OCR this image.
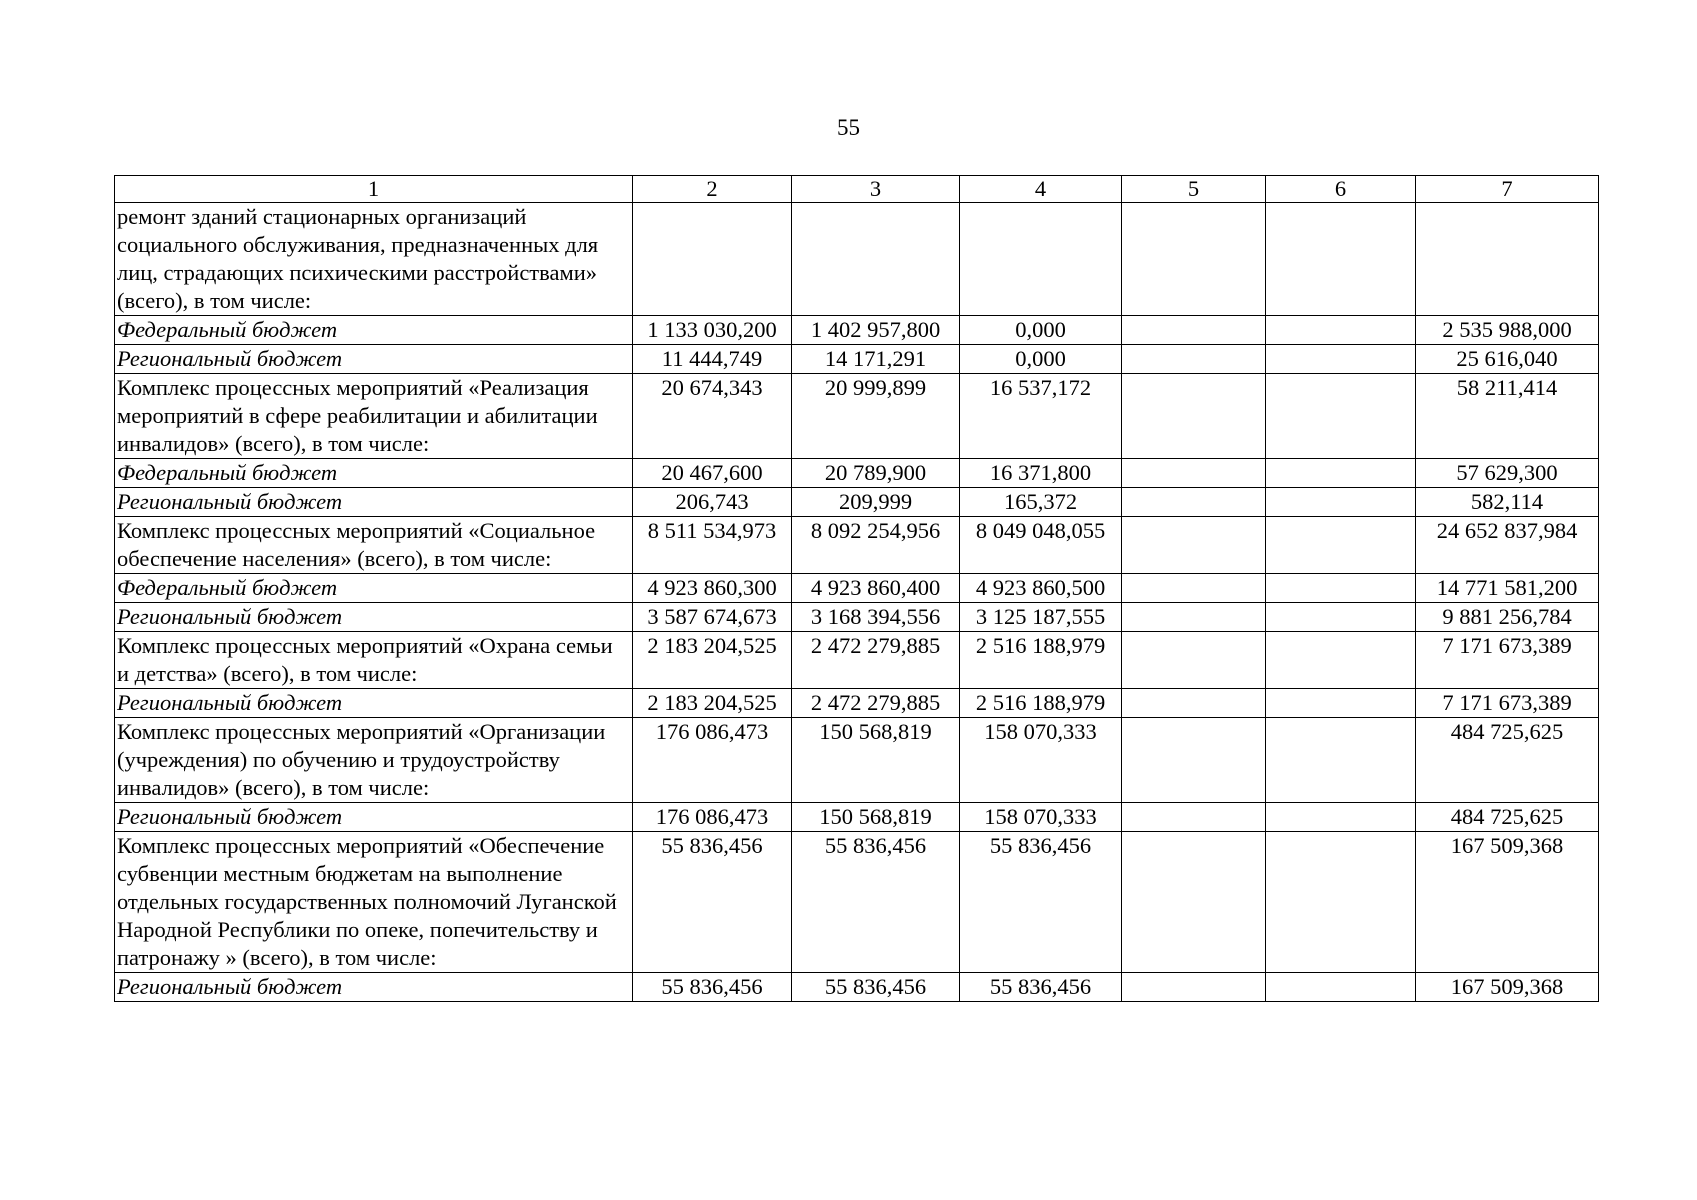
55
1	2	3	4	5	6	7
ремонт зданий стационарных организаций социального обслуживания, предназначенных для лиц, страдающих психическими расстройствами» (всего), в том числе:						
Федеральный бюджет	1 133 030,200	1 402 957,800	0,000			2 535 988,000
Региональный бюджет	11 444,749	14 171,291	0,000			25 616,040
Комплекс процессных мероприятий «Реализация мероприятий в сфере реабилитации и абилитации инвалидов» (всего), в том числе:	20 674,343	20 999,899	16 537,172			58 211,414
Федеральный бюджет	20 467,600	20 789,900	16 371,800			57 629,300
Региональный бюджет	206,743	209,999	165,372			582,114
Комплекс процессных мероприятий «Социальное обеспечение населения» (всего), в том числе:	8 511 534,973	8 092 254,956	8 049 048,055			24 652 837,984
Федеральный бюджет	4 923 860,300	4 923 860,400	4 923 860,500			14 771 581,200
Региональный бюджет	3 587 674,673	3 168 394,556	3 125 187,555			9 881 256,784
Комплекс процессных мероприятий «Охрана семьи и детства» (всего), в том числе:	2 183 204,525	2 472 279,885	2 516 188,979			7 171 673,389
Региональный бюджет	2 183 204,525	2 472 279,885	2 516 188,979			7 171 673,389
Комплекс процессных мероприятий «Организации (учреждения) по обучению и трудоустройству инвалидов» (всего), в том числе:	176 086,473	150 568,819	158 070,333			484 725,625
Региональный бюджет	176 086,473	150 568,819	158 070,333			484 725,625
Комплекс процессных мероприятий «Обеспечение субвенции местным бюджетам на выполнение отдельных государственных полномочий Луганской Народной Республики по опеке, попечительству и патронажу » (всего), в том числе:	55 836,456	55 836,456	55 836,456			167 509,368
Региональный бюджет	55 836,456	55 836,456	55 836,456			167 509,368
